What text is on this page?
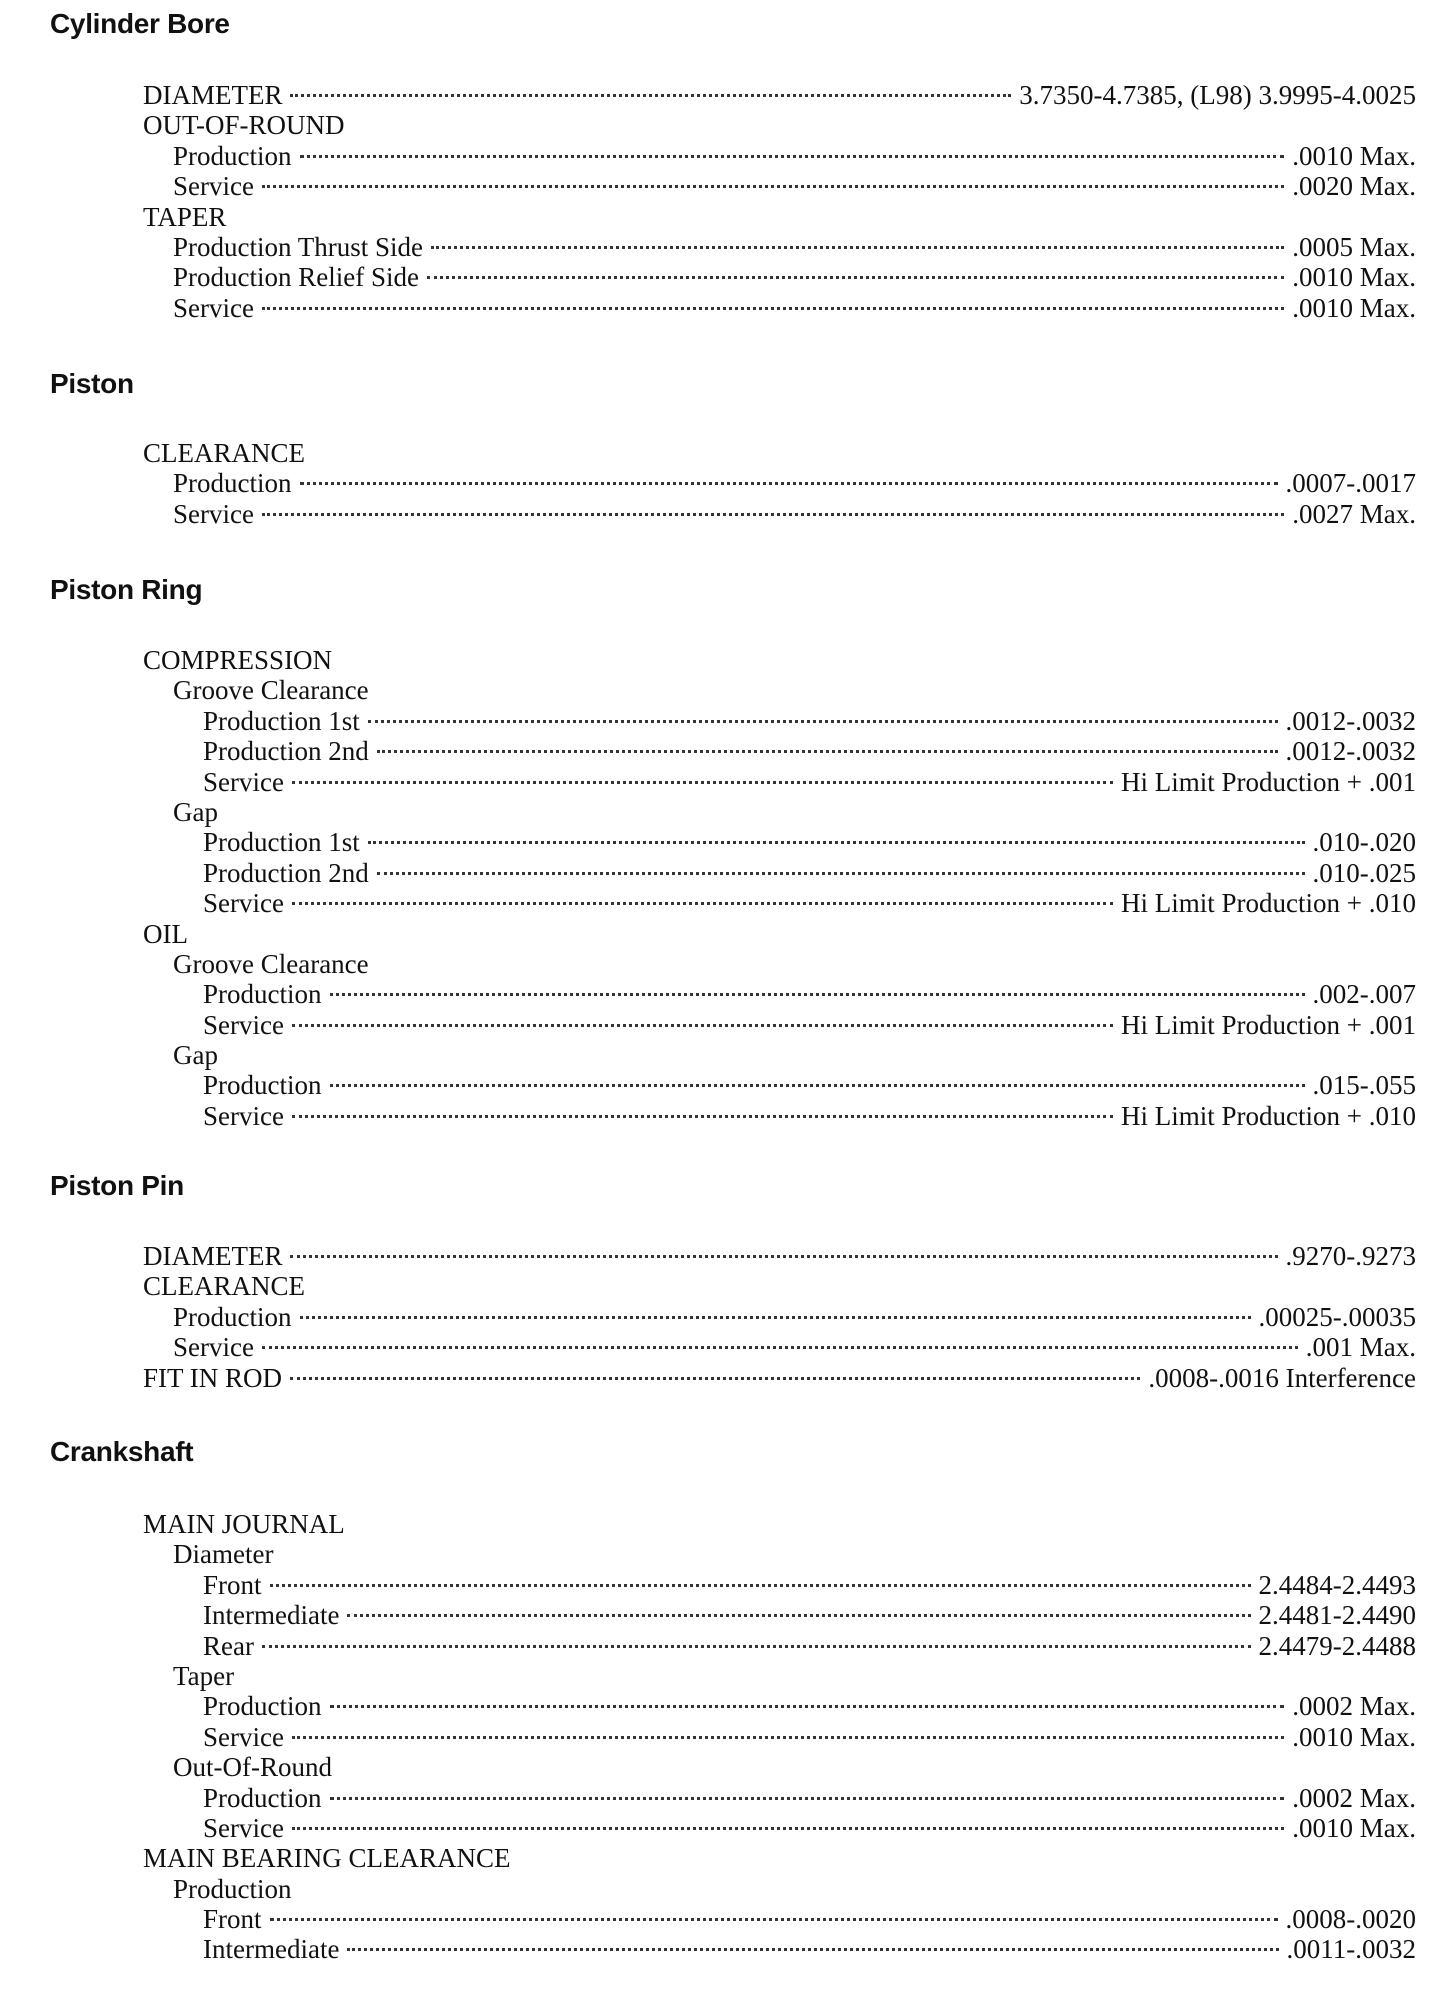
Cylinder Bore
DIAMETER	3.7350-4.7385, (L98) 3.9995-4.0025
OUT-OF-ROUND
Production	.0010 Max.
Service	.0020 Max.
TAPER
Production Thrust Side	.0005 Max.
Production Relief Side	.0010 Max.
Service	.0010 Max.
Piston
CLEARANCE
Production	.0007-.0017
Service	.0027 Max.
Piston Ring
COMPRESSION
Groove Clearance
Production 1st	.0012-.0032
Production 2nd	.0012-.0032
Service	Hi Limit Production + .001
Gap
Production 1st	.010-.020
Production 2nd	.010-.025
Service	Hi Limit Production + .010
OIL
Groove Clearance
Production	.002-.007
Service	Hi Limit Production + .001
Gap
Production	.015-.055
Service	Hi Limit Production + .010
Piston Pin
DIAMETER	.9270-.9273
CLEARANCE
Production	.00025-.00035
Service	.001 Max.
FIT IN ROD	.0008-.0016 Interference
Crankshaft
MAIN JOURNAL
Diameter
Front	2.4484-2.4493
Intermediate	2.4481-2.4490
Rear	2.4479-2.4488
Taper
Production	.0002 Max.
Service	.0010 Max.
Out-Of-Round
Production	.0002 Max.
Service	.0010 Max.
MAIN BEARING CLEARANCE
Production
Front	.0008-.0020
Intermediate	.0011-.0032
